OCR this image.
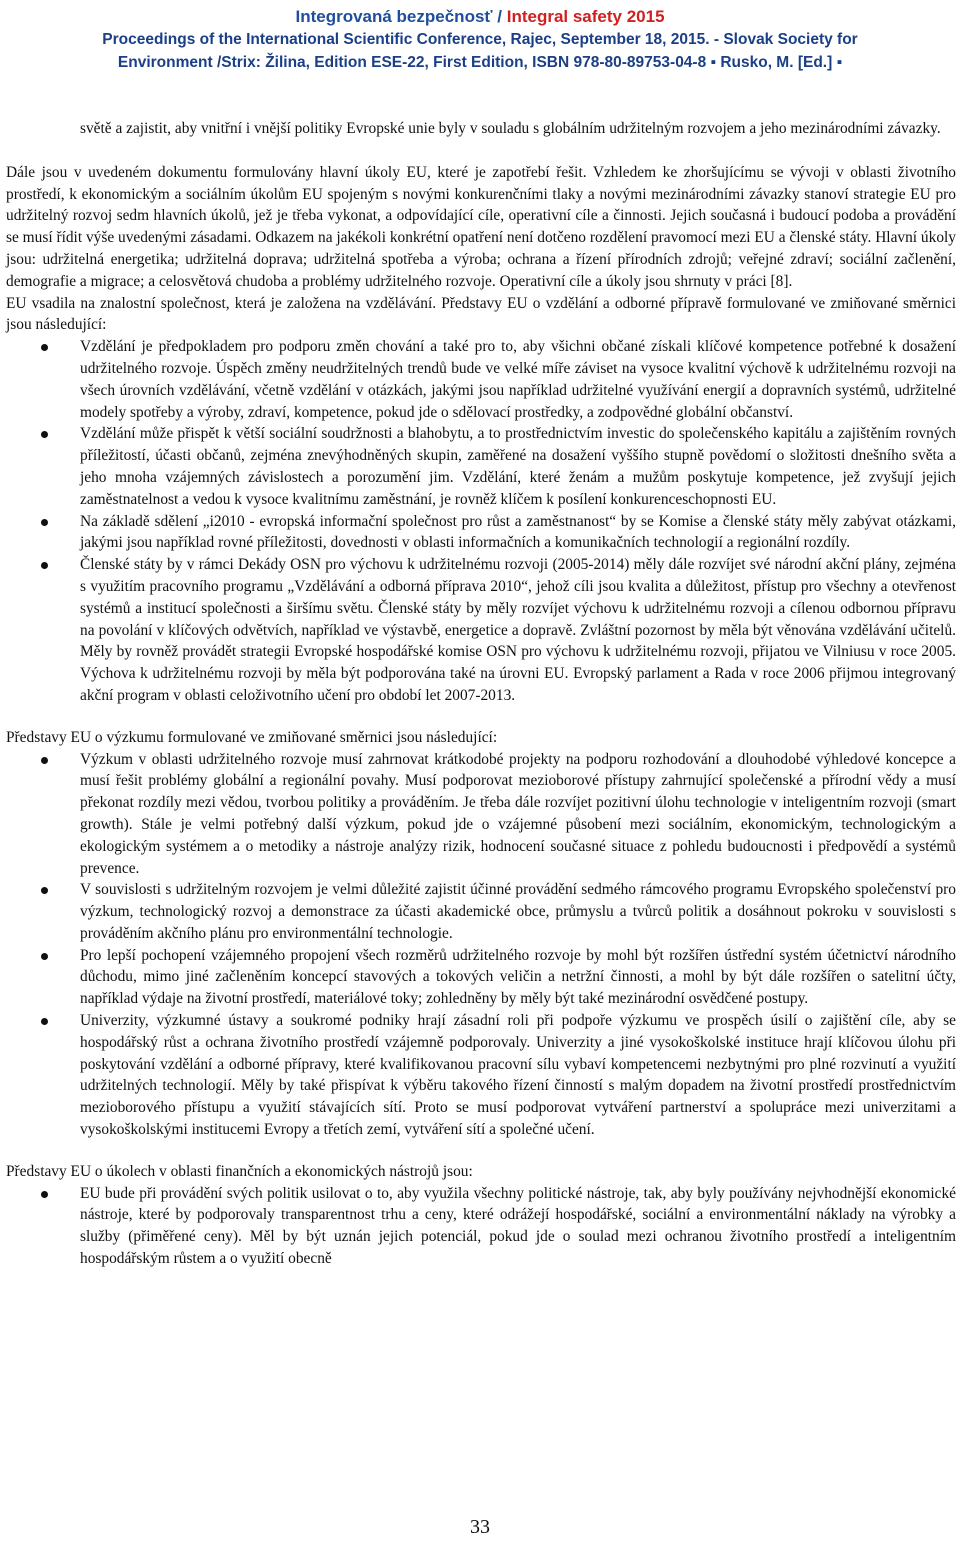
Integrovaná bezpečnosť / Integral safety 2015
Proceedings of the International Scientific Conference, Rajec, September 18, 2015. - Slovak Society for
Environment /Strix: Žilina, Edition ESE-22, First Edition, ISBN 978-80-89753-04-8 ▪ Rusko, M. [Ed.] ▪

světě a zajistit, aby vnitřní i vnější politiky Evropské unie byly v souladu s globálním udržitelným rozvojem a jeho mezinárodními závazky.

Dále jsou v uvedeném dokumentu formulovány hlavní úkoly EU, které je zapotřebí řešit. Vzhledem ke zhoršujícímu se vývoji v oblasti životního prostředí, k ekonomickým a sociálním úkolům EU spojeným s novými konkurenčními tlaky a novými mezinárodními závazky stanoví strategie EU pro udržitelný rozvoj sedm hlavních úkolů, jež je třeba vykonat, a odpovídající cíle, operativní cíle a činnosti. Jejich současná i budoucí podoba a provádění se musí řídit výše uvedenými zásadami. Odkazem na jakékoli konkrétní opatření není dotčeno rozdělení pravomocí mezi EU a členské státy. Hlavní úkoly jsou: udržitelná energetika; udržitelná doprava; udržitelná spotřeba a výroba; ochrana a řízení přírodních zdrojů; veřejné zdraví; sociální začlenění, demografie a migrace; a celosvětová chudoba a problémy udržitelného rozvoje. Operativní cíle a úkoly jsou shrnuty v práci [8].

EU vsadila na znalostní společnost, která je založena na vzdělávání. Představy EU o vzdělání a odborné přípravě formulované ve zmiňované směrnici jsou následující:

Vzdělání je předpokladem pro podporu změn chování a také pro to, aby všichni občané získali klíčové kompetence potřebné k dosažení udržitelného rozvoje. Úspěch změny neudržitelných trendů bude ve velké míře záviset na vysoce kvalitní výchově k udržitelnému rozvoji na všech úrovních vzdělávání, včetně vzdělání v otázkách, jakými jsou například udržitelné využívání energií a dopravních systémů, udržitelné modely spotřeby a výroby, zdraví, kompetence, pokud jde o sdělovací prostředky, a zodpovědné globální občanství.
Vzdělání může přispět k větší sociální soudržnosti a blahobytu, a to prostřednictvím investic do společenského kapitálu a zajištěním rovných příležitostí, účasti občanů, zejména znevýhodněných skupin, zaměřené na dosažení vyššího stupně povědomí o složitosti dnešního světa a jeho mnoha vzájemných závislostech a porozumění jim. Vzdělání, které ženám a mužům poskytuje kompetence, jež zvyšují jejich zaměstnatelnost a vedou k vysoce kvalitnímu zaměstnání, je rovněž klíčem k posílení konkurenceschopnosti EU.
Na základě sdělení „i2010 - evropská informační společnost pro růst a zaměstnanost“ by se Komise a členské státy měly zabývat otázkami, jakými jsou například rovné příležitosti, dovednosti v oblasti informačních a komunikačních technologií a regionální rozdíly.
Členské státy by v rámci Dekády OSN pro výchovu k udržitelnému rozvoji (2005-2014) měly dále rozvíjet své národní akční plány, zejména s využitím pracovního programu „Vzdělávání a odborná příprava 2010“, jehož cíli jsou kvalita a důležitost, přístup pro všechny a otevřenost systémů a institucí společnosti a širšímu světu. Členské státy by měly rozvíjet výchovu k udržitelnému rozvoji a cílenou odbornou přípravu na povolání v klíčových odvětvích, například ve výstavbě, energetice a dopravě. Zvláštní pozornost by měla být věnována vzdělávání učitelů. Měly by rovněž provádět strategii Evropské hospodářské komise OSN pro výchovu k udržitelnému rozvoji, přijatou ve Vilniusu v roce 2005. Výchova k udržitelnému rozvoji by měla být podporována také na úrovni EU. Evropský parlament a Rada v roce 2006 přijmou integrovaný akční program v oblasti celoživotního učení pro období let 2007-2013.

Představy EU o výzkumu formulované ve zmiňované směrnici jsou následující:

Výzkum v oblasti udržitelného rozvoje musí zahrnovat krátkodobé projekty na podporu rozhodování a dlouhodobé výhledové koncepce a musí řešit problémy globální a regionální povahy. Musí podporovat mezioborové přístupy zahrnující společenské a přírodní vědy a musí překonat rozdíly mezi vědou, tvorbou politiky a prováděním. Je třeba dále rozvíjet pozitivní úlohu technologie v inteligentním rozvoji (smart growth). Stále je velmi potřebný další výzkum, pokud jde o vzájemné působení mezi sociálním, ekonomickým, technologickým a ekologickým systémem a o metodiky a nástroje analýzy rizik, hodnocení současné situace z pohledu budoucnosti i předpovědí a systémů prevence.
V souvislosti s udržitelným rozvojem je velmi důležité zajistit účinné provádění sedmého rámcového programu Evropského společenství pro výzkum, technologický rozvoj a demonstrace za účasti akademické obce, průmyslu a tvůrců politik a dosáhnout pokroku v souvislosti s prováděním akčního plánu pro environmentální technologie.
Pro lepší pochopení vzájemného propojení všech rozměrů udržitelného rozvoje by mohl být rozšířen ústřední systém účetnictví národního důchodu, mimo jiné začleněním koncepcí stavových a tokových veličin a netržní činnosti, a mohl by být dále rozšířen o satelitní účty, například výdaje na životní prostředí, materiálové toky; zohledněny by měly být také mezinárodní osvědčené postupy.
Univerzity, výzkumné ústavy a soukromé podniky hrají zásadní roli při podpoře výzkumu ve prospěch úsilí o zajištění cíle, aby se hospodářský růst a ochrana životního prostředí vzájemně podporovaly. Univerzity a jiné vysokoškolské instituce hrají klíčovou úlohu při poskytování vzdělání a odborné přípravy, které kvalifikovanou pracovní sílu vybaví kompetencemi nezbytnými pro plné rozvinutí a využití udržitelných technologií. Měly by také přispívat k výběru takového řízení činností s malým dopadem na životní prostředí prostřednictvím mezioborového přístupu a využití stávajících sítí. Proto se musí podporovat vytváření partnerství a spolupráce mezi univerzitami a vysokoškolskými institucemi Evropy a třetích zemí, vytváření sítí a společné učení.

Představy EU o úkolech v oblasti finančních a ekonomických nástrojů jsou:

EU bude při provádění svých politik usilovat o to, aby využila všechny politické nástroje, tak, aby byly používány nejvhodnější ekonomické nástroje, které by podporovaly transparentnost trhu a ceny, které odrážejí hospodářské, sociální a environmentální náklady na výrobky a služby (přiměřené ceny). Měl by být uznán jejich potenciál, pokud jde o soulad mezi ochranou životního prostředí a inteligentním hospodářským růstem a o využití obecně
33
